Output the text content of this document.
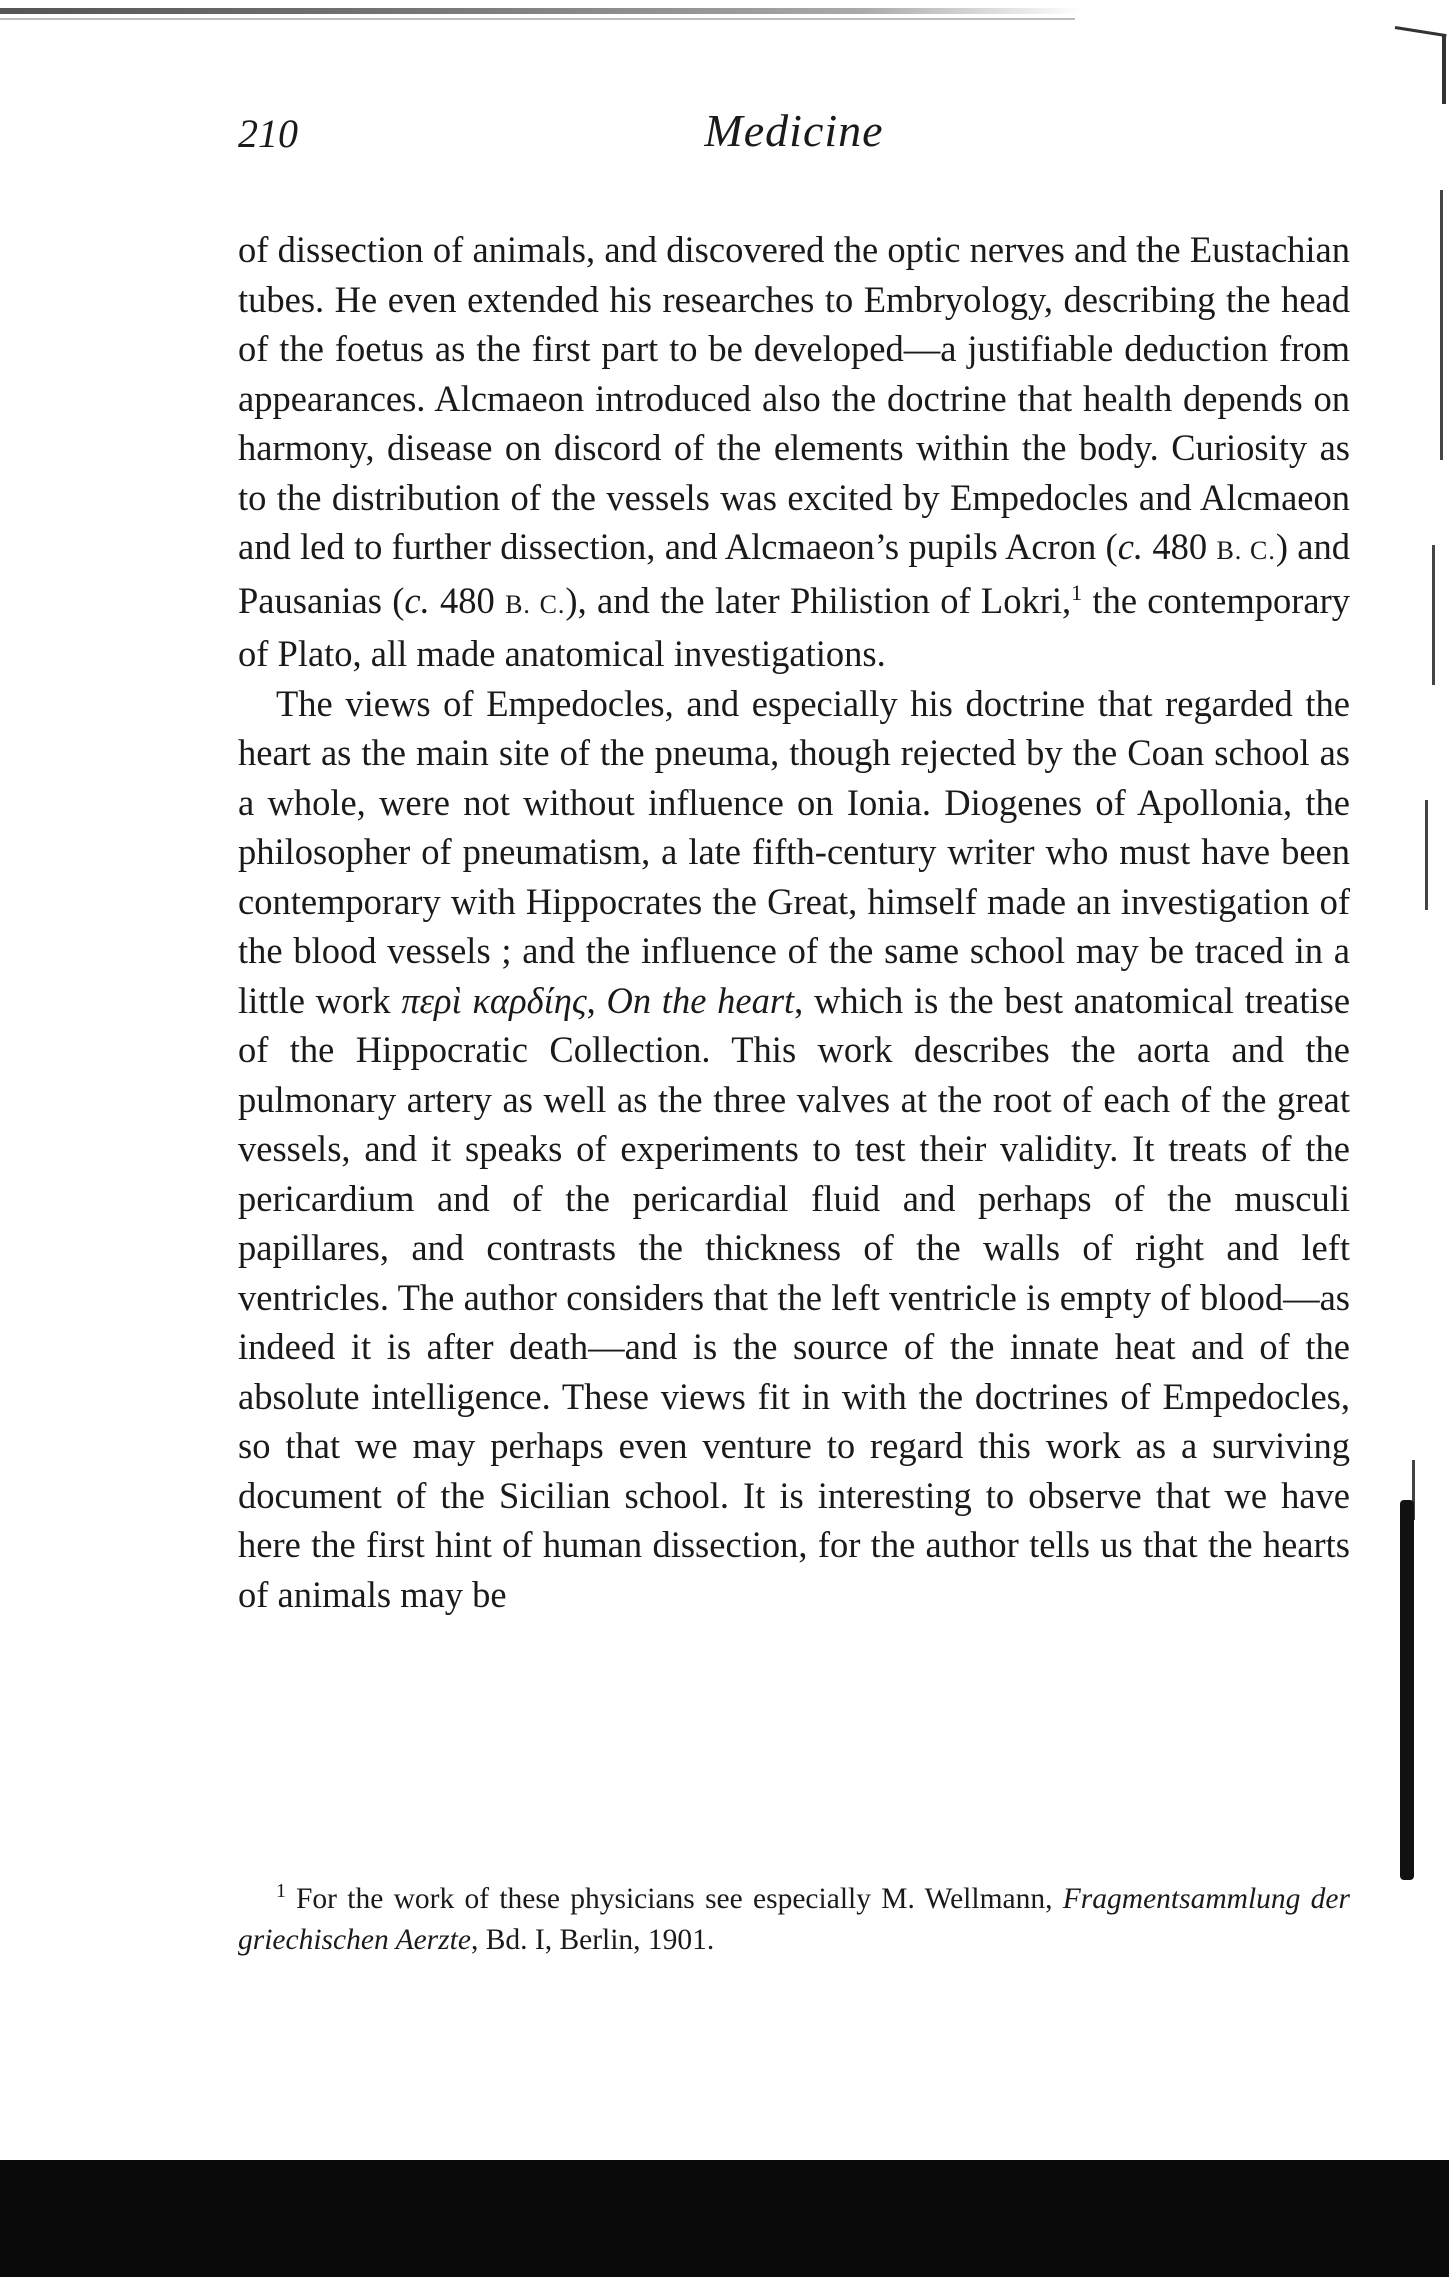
210	Medicine

of dissection of animals, and discovered the optic nerves and the Eustachian tubes. He even extended his researches to Embryology, describing the head of the foetus as the first part to be developed—a justifiable deduction from appearances. Alcmaeon introduced also the doctrine that health depends on harmony, disease on discord of the elements within the body. Curiosity as to the distribution of the vessels was excited by Empedocles and Alcmaeon and led to further dissection, and Alcmaeon’s pupils Acron (c. 480 B. C.) and Pausanias (c. 480 B. C.), and the later Philistion of Lokri,$^1$ the contemporary of Plato, all made anatomical investigations.

The views of Empedocles, and especially his doctrine that regarded the heart as the main site of the pneuma, though rejected by the Coan school as a whole, were not without influence on Ionia. Diogenes of Apollonia, the philosopher of pneumatism, a late fifth-century writer who must have been contemporary with Hippocrates the Great, himself made an investigation of the blood vessels ; and the influence of the same school may be traced in a little work περὶ καρδίης, On the heart, which is the best anatomical treatise of the Hippocratic Collection. This work describes the aorta and the pulmonary artery as well as the three valves at the root of each of the great vessels, and it speaks of experiments to test their validity. It treats of the pericardium and of the pericardial fluid and perhaps of the musculi papillares, and contrasts the thickness of the walls of right and left ventricles. The author considers that the left ventricle is empty of blood—as indeed it is after death—and is the source of the innate heat and of the absolute intelligence. These views fit in with the doctrines of Empedocles, so that we may perhaps even venture to regard this work as a surviving document of the Sicilian school. It is interesting to observe that we have here the first hint of human dissection, for the author tells us that the hearts of animals may be

$^1$ For the work of these physicians see especially M. Wellmann, Fragmentsammlung der griechischen Aerzte, Bd. I, Berlin, 1901.
